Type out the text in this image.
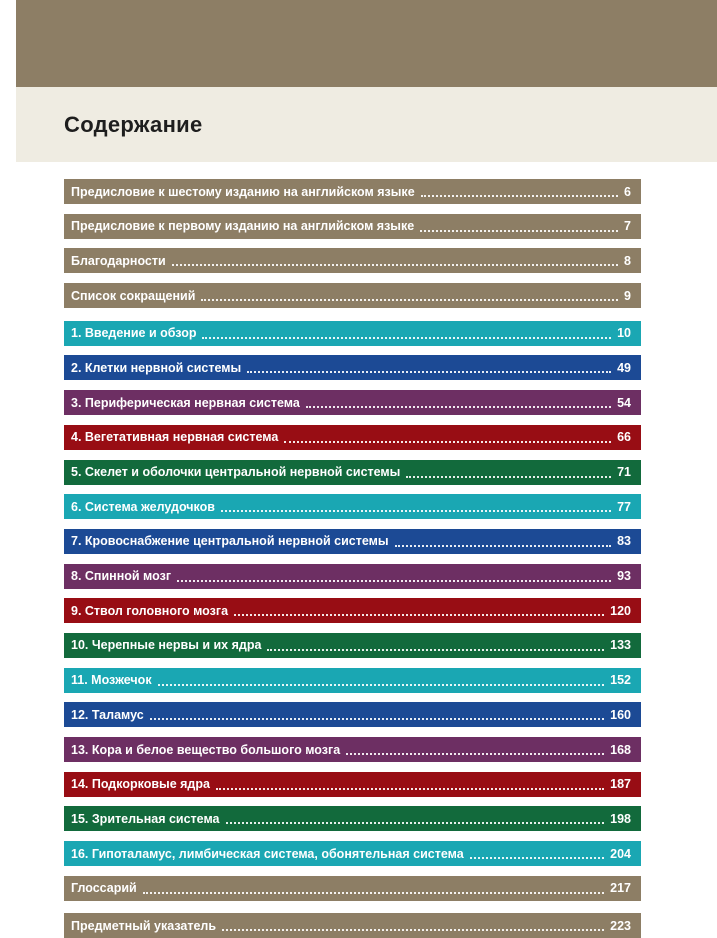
Содержание
Предисловие к шестому изданию на английском языке	6
Предисловие к первому изданию на английском языке	7
Благодарности	8
Список сокращений	9
1. Введение и обзор	10
2. Клетки нервной системы	49
3. Периферическая нервная система	54
4. Вегетативная нервная система	66
5. Скелет и оболочки центральной нервной системы	71
6. Система желудочков	77
7. Кровоснабжение центральной нервной системы	83
8. Спинной мозг	93
9. Ствол головного мозга	120
10. Черепные нервы и их ядра	133
11. Мозжечок	152
12. Таламус	160
13. Кора и белое вещество большого мозга	168
14. Подкорковые ядра	187
15. Зрительная система	198
16. Гипоталамус, лимбическая система, обонятельная система	204
Глоссарий	217
Предметный указатель	223
